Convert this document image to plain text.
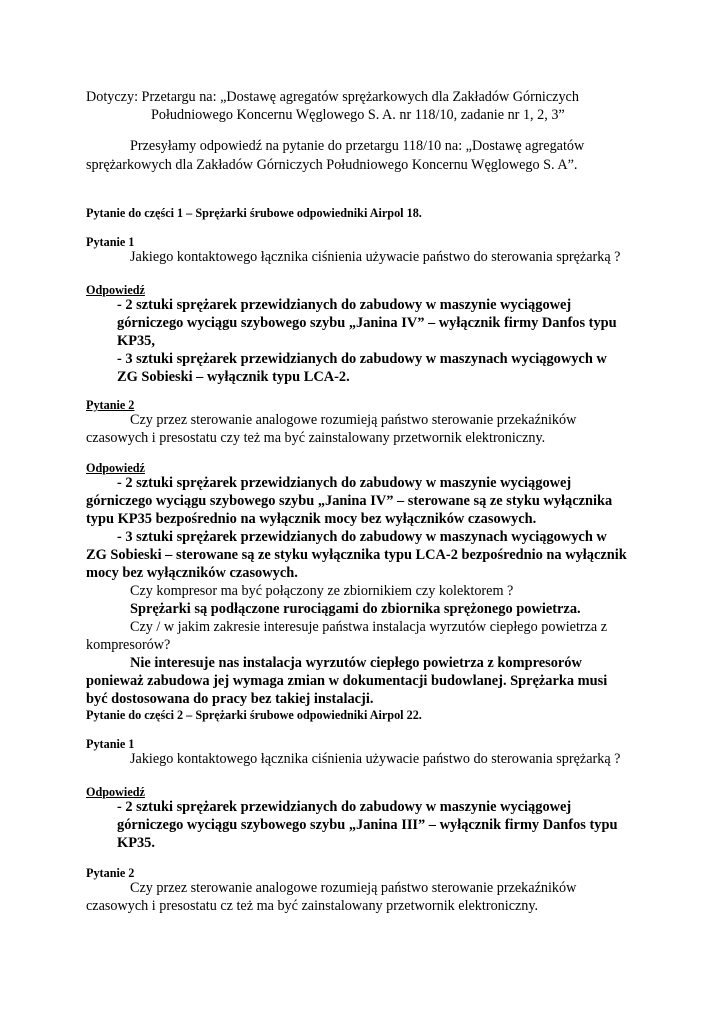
Dotyczy: Przetargu na: „Dostawę agregatów sprężarkowych dla Zakładów Górniczych
Południowego Koncernu Węglowego S. A. nr 118/10, zadanie nr 1, 2, 3”
Przesyłamy odpowiedź na pytanie do przetargu 118/10 na: „Dostawę agregatów
sprężarkowych dla Zakładów Górniczych Południowego Koncernu Węglowego S. A”.
Pytanie do części 1 – Sprężarki śrubowe odpowiedniki Airpol 18.
Pytanie 1
Jakiego kontaktowego łącznika ciśnienia używacie państwo do sterowania sprężarką ?
Odpowiedź
- 2 sztuki sprężarek przewidzianych do zabudowy w maszynie wyciągowej
górniczego wyciągu szybowego szybu „Janina IV” – wyłącznik firmy Danfos typu
KP35,
- 3 sztuki sprężarek przewidzianych do zabudowy w maszynach wyciągowych w
ZG Sobieski – wyłącznik typu LCA-2.
Pytanie 2
Czy przez sterowanie analogowe rozumieją państwo sterowanie przekaźników
czasowych i presostatu czy też ma być zainstalowany przetwornik elektroniczny.
Odpowiedź
- 2 sztuki sprężarek przewidzianych do zabudowy w maszynie wyciągowej
górniczego wyciągu szybowego szybu „Janina IV” – sterowane są ze styku wyłącznika
typu KP35 bezpośrednio na wyłącznik mocy bez wyłączników czasowych.
- 3 sztuki sprężarek przewidzianych do zabudowy w maszynach wyciągowych w
ZG Sobieski – sterowane są ze styku wyłącznika typu LCA-2 bezpośrednio na wyłącznik
mocy bez wyłączników czasowych.
Czy kompresor ma być połączony ze zbiornikiem czy kolektorem ?
Sprężarki są podłączone rurociągami do zbiornika sprężonego powietrza.
Czy / w jakim zakresie interesuje państwa instalacja wyrzutów ciepłego powietrza z
kompresorów?
Nie interesuje nas instalacja wyrzutów ciepłego powietrza z kompresorów
ponieważ zabudowa jej wymaga zmian w dokumentacji budowlanej. Sprężarka musi
być dostosowana do pracy bez takiej instalacji.
Pytanie do części 2 – Sprężarki śrubowe odpowiedniki Airpol 22.
Pytanie 1
Jakiego kontaktowego łącznika ciśnienia używacie państwo do sterowania sprężarką ?
Odpowiedź
- 2 sztuki sprężarek przewidzianych do zabudowy w maszynie wyciągowej
górniczego wyciągu szybowego szybu „Janina III” – wyłącznik firmy Danfos typu
KP35.
Pytanie 2
Czy przez sterowanie analogowe rozumieją państwo sterowanie przekaźników
czasowych i presostatu cz też ma być zainstalowany przetwornik elektroniczny.
